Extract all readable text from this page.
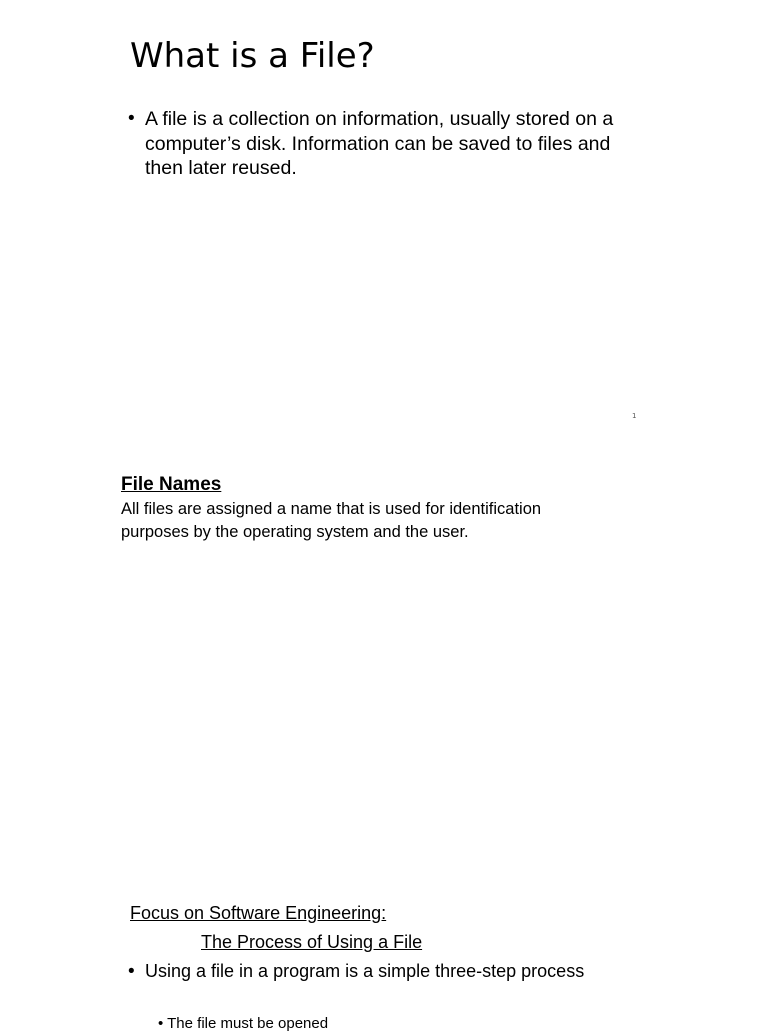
What is a File?
• A file is a collection on information, usually stored on a computer’s disk. Information can be saved to files and then later reused.
1
File Names
All files are assigned a name that is used for identification purposes by the operating system and the user.
Focus on Software Engineering:
The Process of Using a File
• Using a file in a program is a simple three-step process
• The file must be opened
